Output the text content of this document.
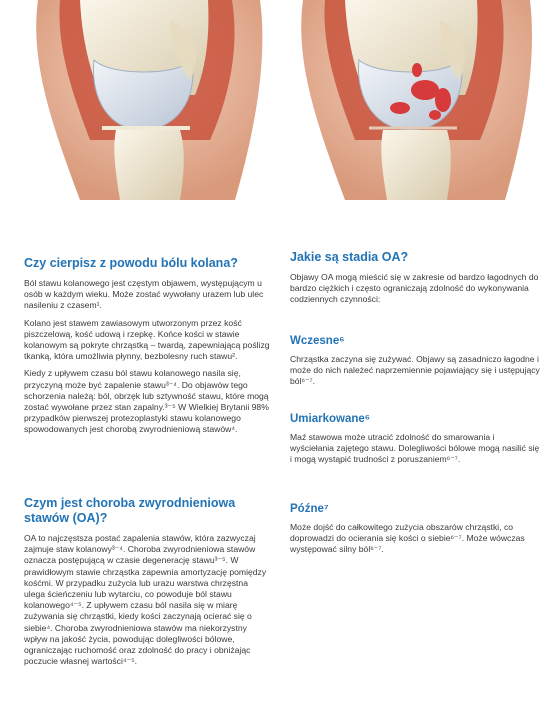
Czy cierpisz z powodu bólu kolana?

Ból stawu kolanowego jest częstym objawem, występującym u osób w każdym wieku. Może zostać wywołany urazem lub ulec nasileniu z czasem¹.

Kolano jest stawem zawiasowym utworzonym przez kość piszczelową, kość udową i rzepkę. Końce kości w stawie kolanowym są pokryte chrząstką – twardą, zapewniającą poślizg tkanką, która umożliwia płynny, bezbolesny ruch stawu².

Kiedy z upływem czasu ból stawu kolanowego nasila się, przyczyną może być zapalenie stawu³⁻⁴. Do objawów tego schorzenia należą: ból, obrzęk lub sztywność stawu, które mogą zostać wywołane przez stan zapalny.³⁻⁵ W Wielkiej Brytanii 98% przypadków pierwszej protezoplastyki stawu kolanowego spowodowanych jest chorobą zwyrodnieniową stawów⁴.

Czym jest choroba zwyrodnieniowa stawów (OA)?

OA to najczęstsza postać zapalenia stawów, która zazwyczaj zajmuje staw kolanowy³⁻⁴. Choroba zwyrodnieniowa stawów oznacza postępującą w czasie degenerację stawu³⁻⁵. W prawidłowym stawie chrząstka zapewnia amortyzację pomiędzy kośćmi. W przypadku zużycia lub urazu warstwa chrzęstna ulega ścieńczeniu lub wytarciu, co powoduje ból stawu kolanowego⁴⁻⁵. Z upływem czasu ból nasila się w miarę zużywania się chrząstki, kiedy kości zaczynają ocierać się o siebie⁴. Choroba zwyrodnieniowa stawów ma niekorzystny wpływ na jakość życia, powodując dolegliwości bólowe, ograniczając ruchomość oraz zdolność do pracy i obniżając poczucie własnej wartości⁴⁻⁵.

Jakie są stadia OA?

Objawy OA mogą mieścić się w zakresie od bardzo łagodnych do bardzo ciężkich i często ograniczają zdolność do wykonywania codziennych czynności:

Wczesne⁶

Chrząstka zaczyna się zużywać. Objawy są zasadniczo łagodne i może do nich należeć naprzemiennie pojawiający się i ustępujący ból⁶⁻⁷.

Umiarkowane⁶

Maź stawowa może utracić zdolność do smarowania i wyściełania zajętego stawu. Dolegliwości bólowe mogą nasilić się i mogą wystąpić trudności z poruszaniem⁶⁻⁷.

Późne⁷

Może dojść do całkowitego zużycia obszarów chrząstki, co doprowadzi do ocierania się kości o siebie⁶⁻⁷. Może wówczas występować silny ból⁶⁻⁷.
